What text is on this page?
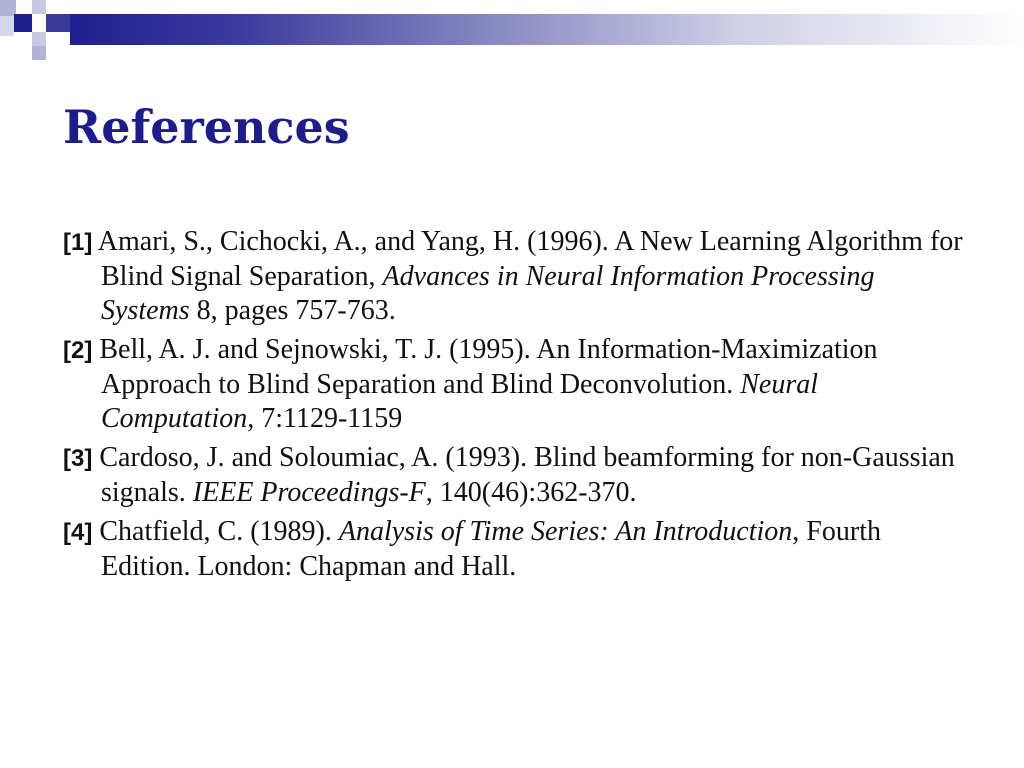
References
[1] Amari, S., Cichocki, A., and Yang, H. (1996). A New Learning Algorithm for Blind Signal Separation, Advances in Neural Information Processing Systems 8, pages 757-763.
[2] Bell, A. J. and Sejnowski, T. J. (1995). An Information-Maximization Approach to Blind Separation and Blind Deconvolution. Neural Computation, 7:1129-1159
[3] Cardoso, J. and Soloumiac, A. (1993). Blind beamforming for non-Gaussian signals. IEEE Proceedings-F, 140(46):362-370.
[4] Chatfield, C. (1989). Analysis of Time Series: An Introduction, Fourth Edition. London: Chapman and Hall.
